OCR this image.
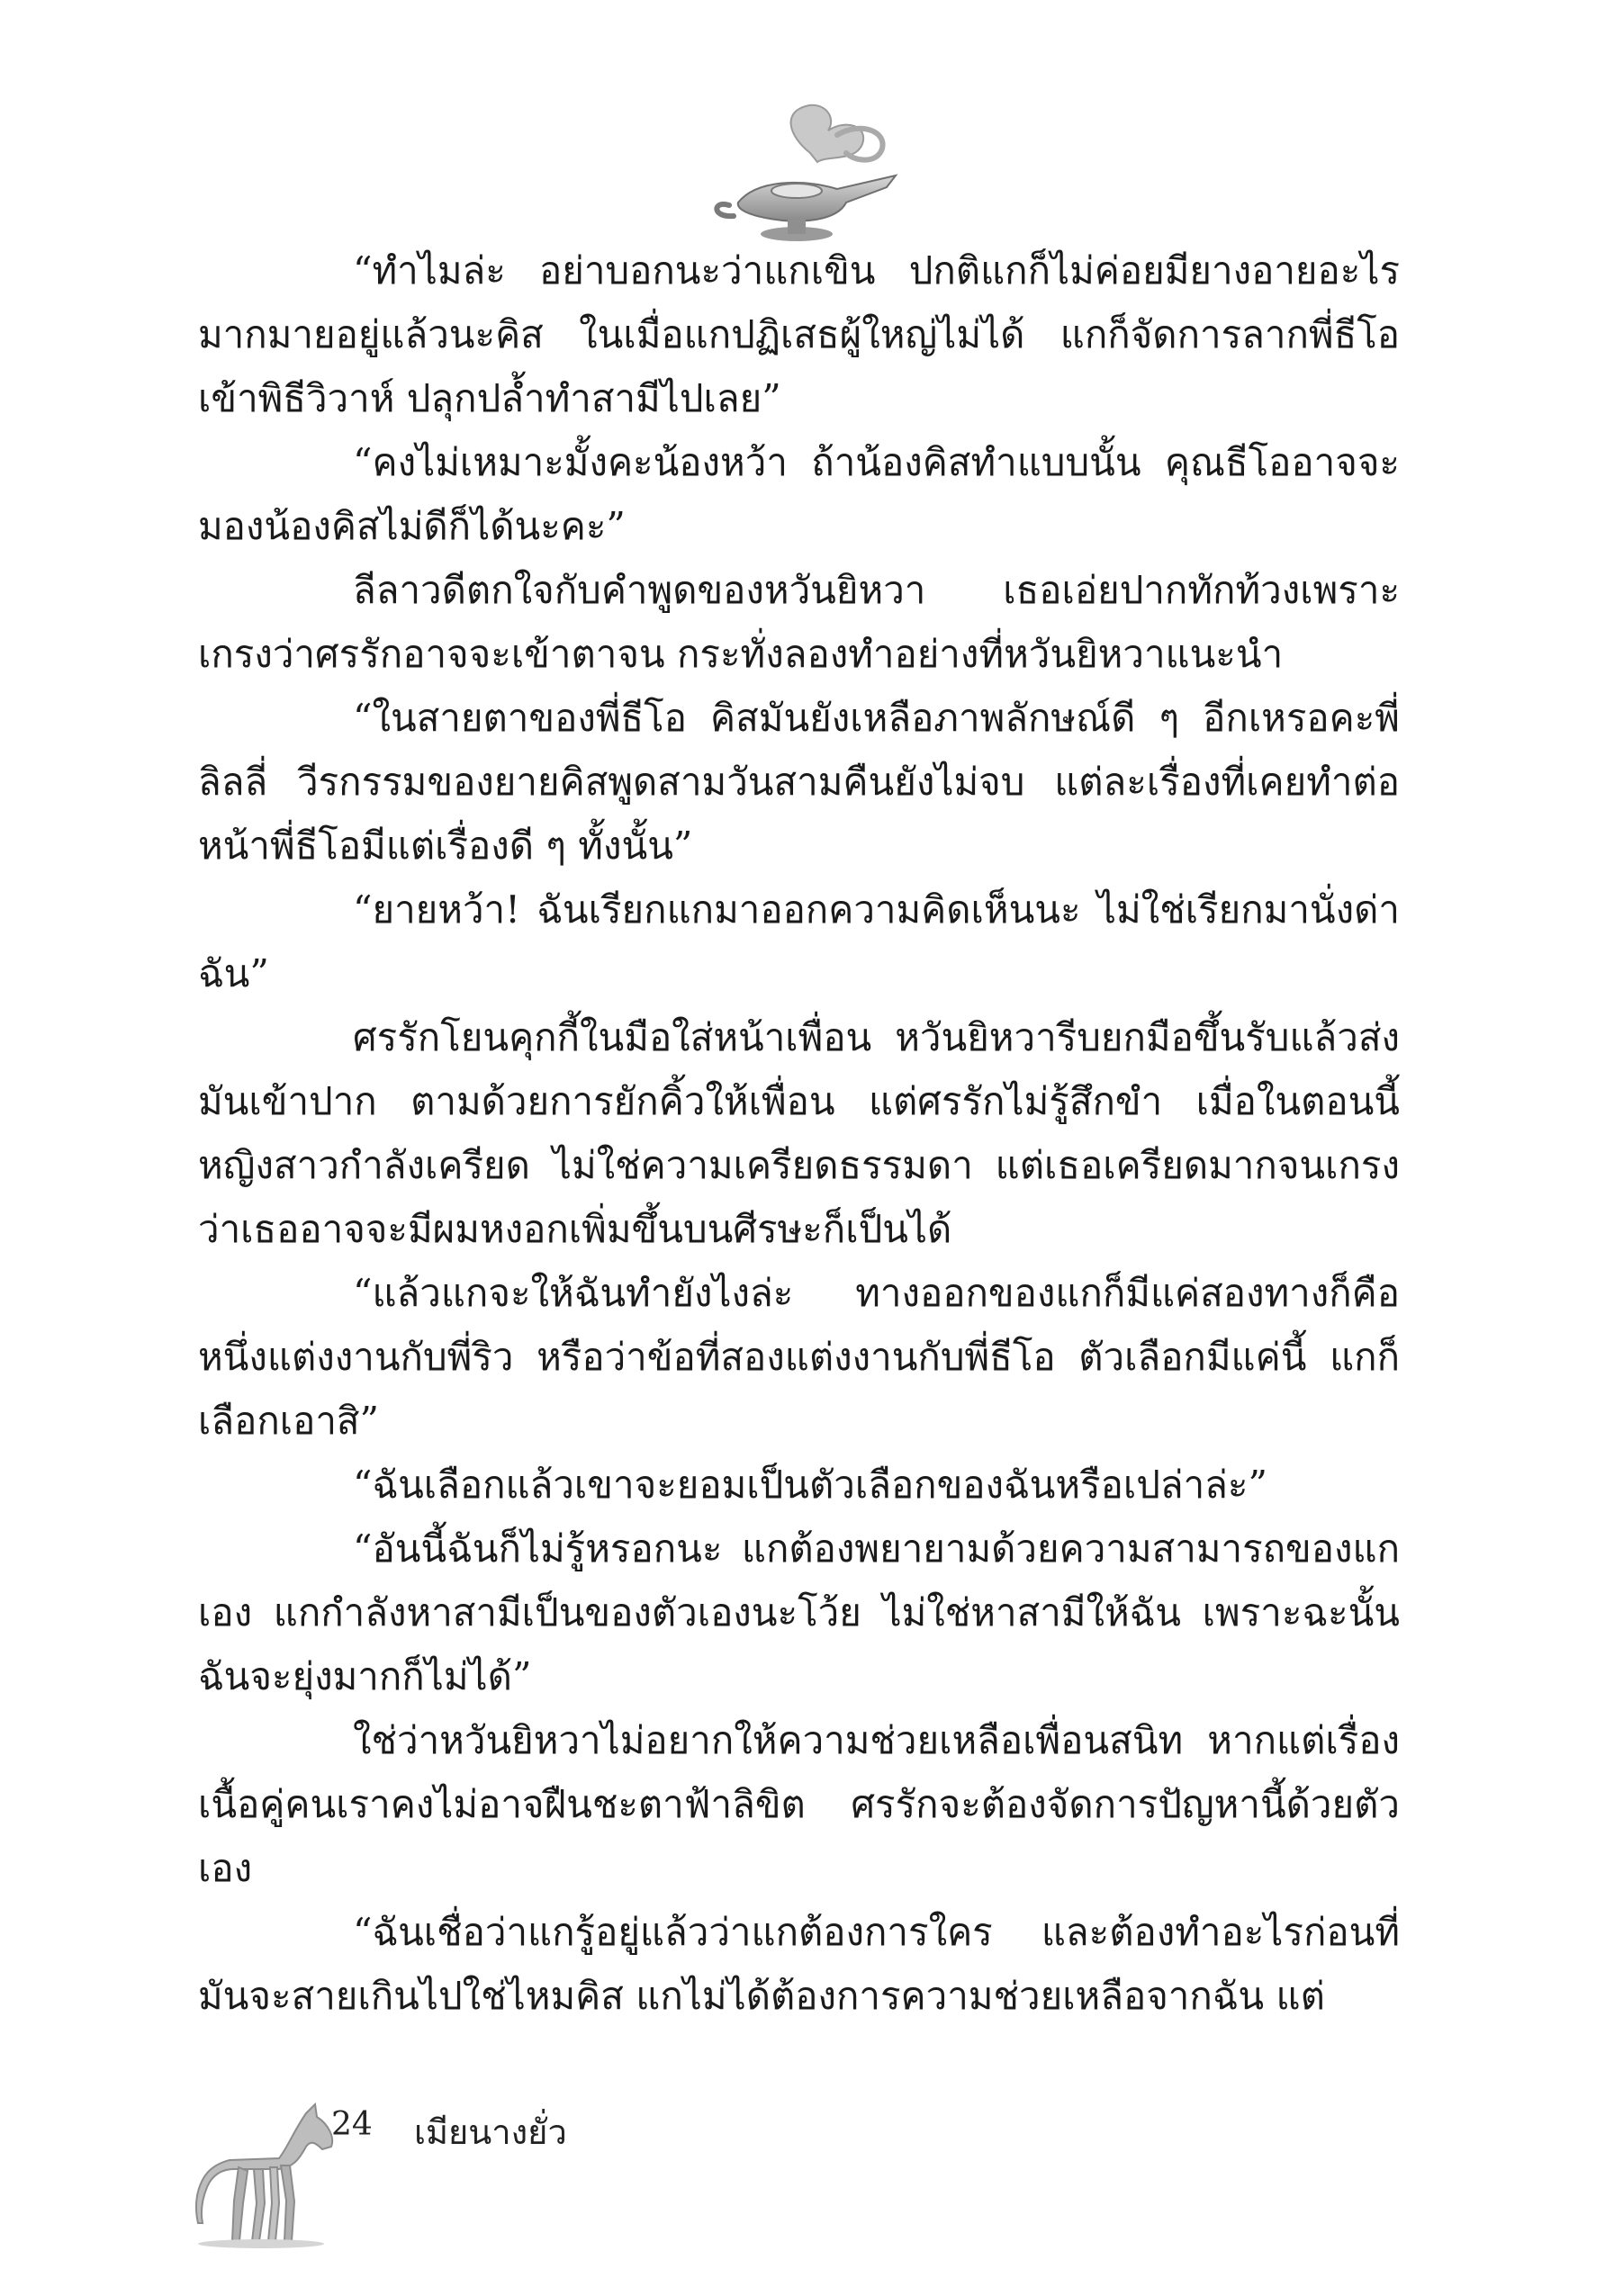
“ทำไมล่ะ อย่าบอกนะว่าแกเขิน ปกติแกก็ไม่ค่อยมียางอายอะไรมากมายอยู่แล้วนะคิส ในเมื่อแกปฏิเสธผู้ใหญ่ไม่ได้ แกก็จัดการลากพี่ธีโอเข้าพิธีวิวาห์ ปลุกปล้ำทำสามีไปเลย”

“คงไม่เหมาะมั้งคะน้องหว้า ถ้าน้องคิสทำแบบนั้น คุณธีโออาจจะมองน้องคิสไม่ดีก็ได้นะคะ”

ลีลาวดีตกใจกับคำพูดของหวันยิหวา เธอเอ่ยปากทักท้วงเพราะเกรงว่าศรรักอาจจะเข้าตาจน กระทั่งลองทำอย่างที่หวันยิหวาแนะนำ

“ในสายตาของพี่ธีโอ คิสมันยังเหลือภาพลักษณ์ดี ๆ อีกเหรอคะพี่ลิลลี่ วีรกรรมของยายคิสพูดสามวันสามคืนยังไม่จบ แต่ละเรื่องที่เคยทำต่อหน้าพี่ธีโอมีแต่เรื่องดี ๆ ทั้งนั้น”

“ยายหว้า! ฉันเรียกแกมาออกความคิดเห็นนะ ไม่ใช่เรียกมานั่งด่าฉัน”

ศรรักโยนคุกกี้ในมือใส่หน้าเพื่อน หวันยิหวารีบยกมือขึ้นรับแล้วส่งมันเข้าปาก ตามด้วยการยักคิ้วให้เพื่อน แต่ศรรักไม่รู้สึกขำ เมื่อในตอนนี้หญิงสาวกำลังเครียด ไม่ใช่ความเครียดธรรมดา แต่เธอเครียดมากจนเกรงว่าเธออาจจะมีผมหงอกเพิ่มขึ้นบนศีรษะก็เป็นได้

“แล้วแกจะให้ฉันทำยังไงล่ะ ทางออกของแกก็มีแค่สองทางก็คือ หนึ่งแต่งงานกับพี่ริว หรือว่าข้อที่สองแต่งงานกับพี่ธีโอ ตัวเลือกมีแค่นี้ แกก็เลือกเอาสิ”

“ฉันเลือกแล้วเขาจะยอมเป็นตัวเลือกของฉันหรือเปล่าล่ะ”

“อันนี้ฉันก็ไม่รู้หรอกนะ แกต้องพยายามด้วยความสามารถของแกเอง แกกำลังหาสามีเป็นของตัวเองนะโว้ย ไม่ใช่หาสามีให้ฉัน เพราะฉะนั้นฉันจะยุ่งมากก็ไม่ได้”

ใช่ว่าหวันยิหวาไม่อยากให้ความช่วยเหลือเพื่อนสนิท หากแต่เรื่องเนื้อคู่คนเราคงไม่อาจฝืนชะตาฟ้าลิขิต ศรรักจะต้องจัดการปัญหานี้ด้วยตัวเอง

“ฉันเชื่อว่าแกรู้อยู่แล้วว่าแกต้องการใคร และต้องทำอะไรก่อนที่มันจะสายเกินไปใช่ไหมคิส แกไม่ได้ต้องการความช่วยเหลือจากฉัน แต่

24 เมียนางยั่ว
